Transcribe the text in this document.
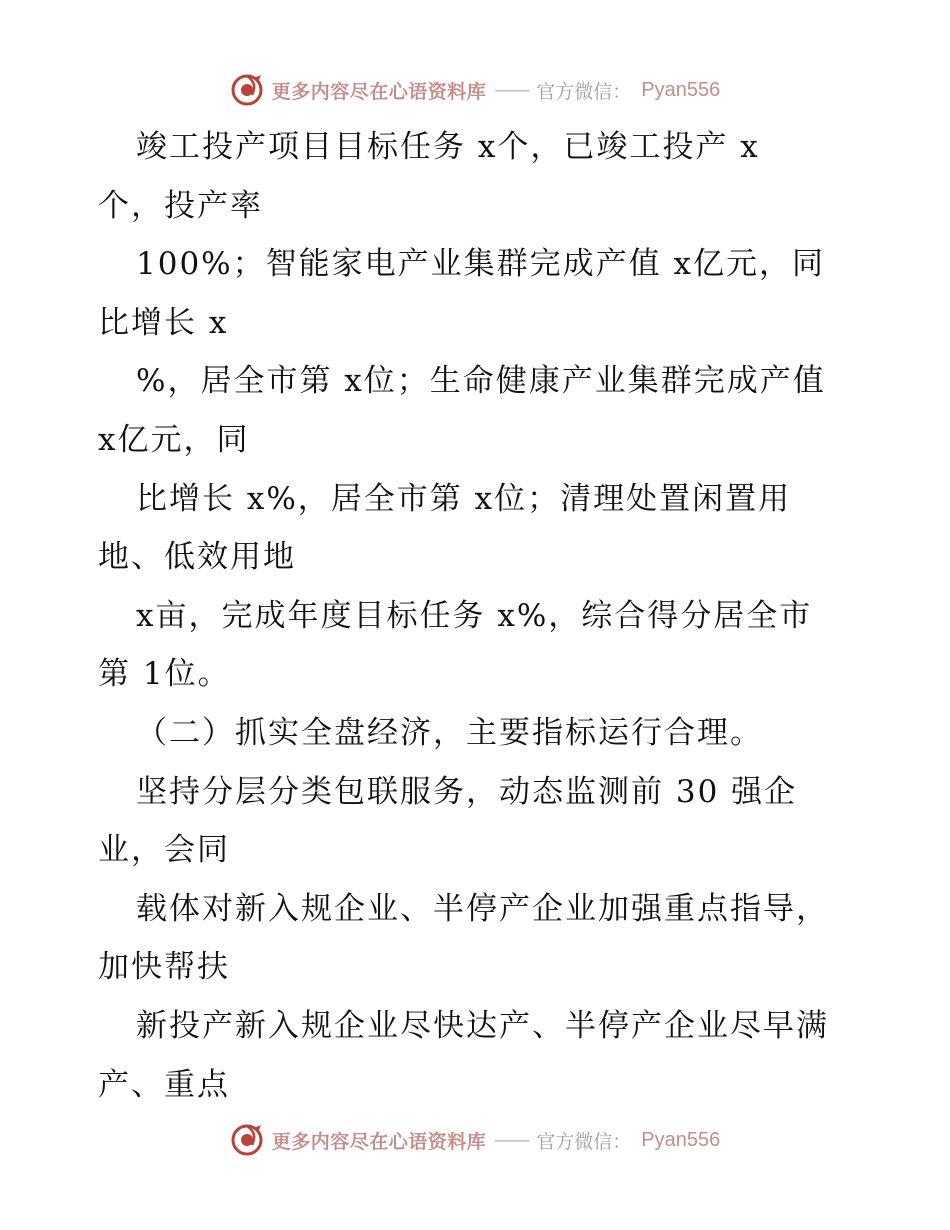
更多内容尽在心语资料库 —— 官方微信： Pyan556
竣工投产项目目标任务 x个，已竣工投产 x
个，投产率
100%；智能家电产业集群完成产值 x亿元，同
比增长 x
%，居全市第 x位；生命健康产业集群完成产值
x亿元，同
比增长 x%，居全市第 x位；清理处置闲置用
地、低效用地
x亩，完成年度目标任务 x%，综合得分居全市
第 1位。
（二）抓实全盘经济，主要指标运行合理。
坚持分层分类包联服务，动态监测前 30 强企
业，会同
载体对新入规企业、半停产企业加强重点指导，
加快帮扶
新投产新入规企业尽快达产、半停产企业尽早满
产、重点
更多内容尽在心语资料库 —— 官方微信： Pyan556
